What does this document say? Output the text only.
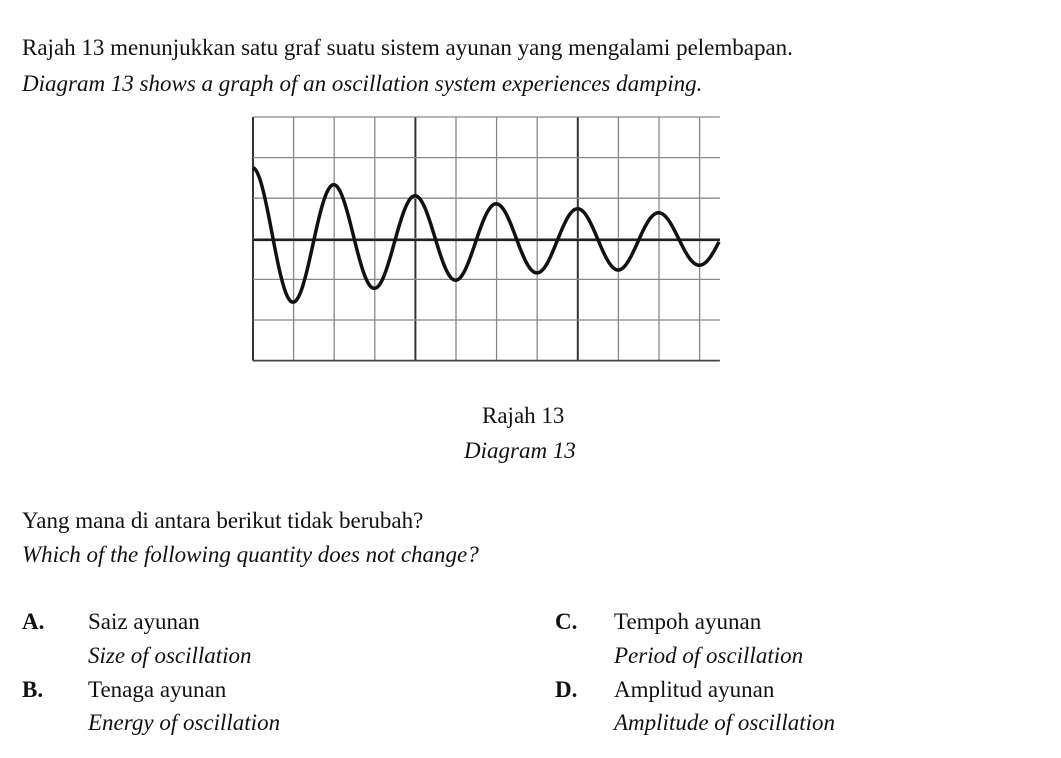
Rajah 13 menunjukkan satu graf suatu sistem ayunan yang mengalami pelembapan.
Diagram 13 shows a graph of an oscillation system experiences damping.
Rajah 13
Diagram 13
Yang mana di antara berikut tidak berubah?
Which of the following quantity does not change?
A. Saiz ayunan
Size of oscillation
B. Tenaga ayunan
Energy of oscillation
C. Tempoh ayunan
Period of oscillation
D. Amplitud ayunan
Amplitude of oscillation
